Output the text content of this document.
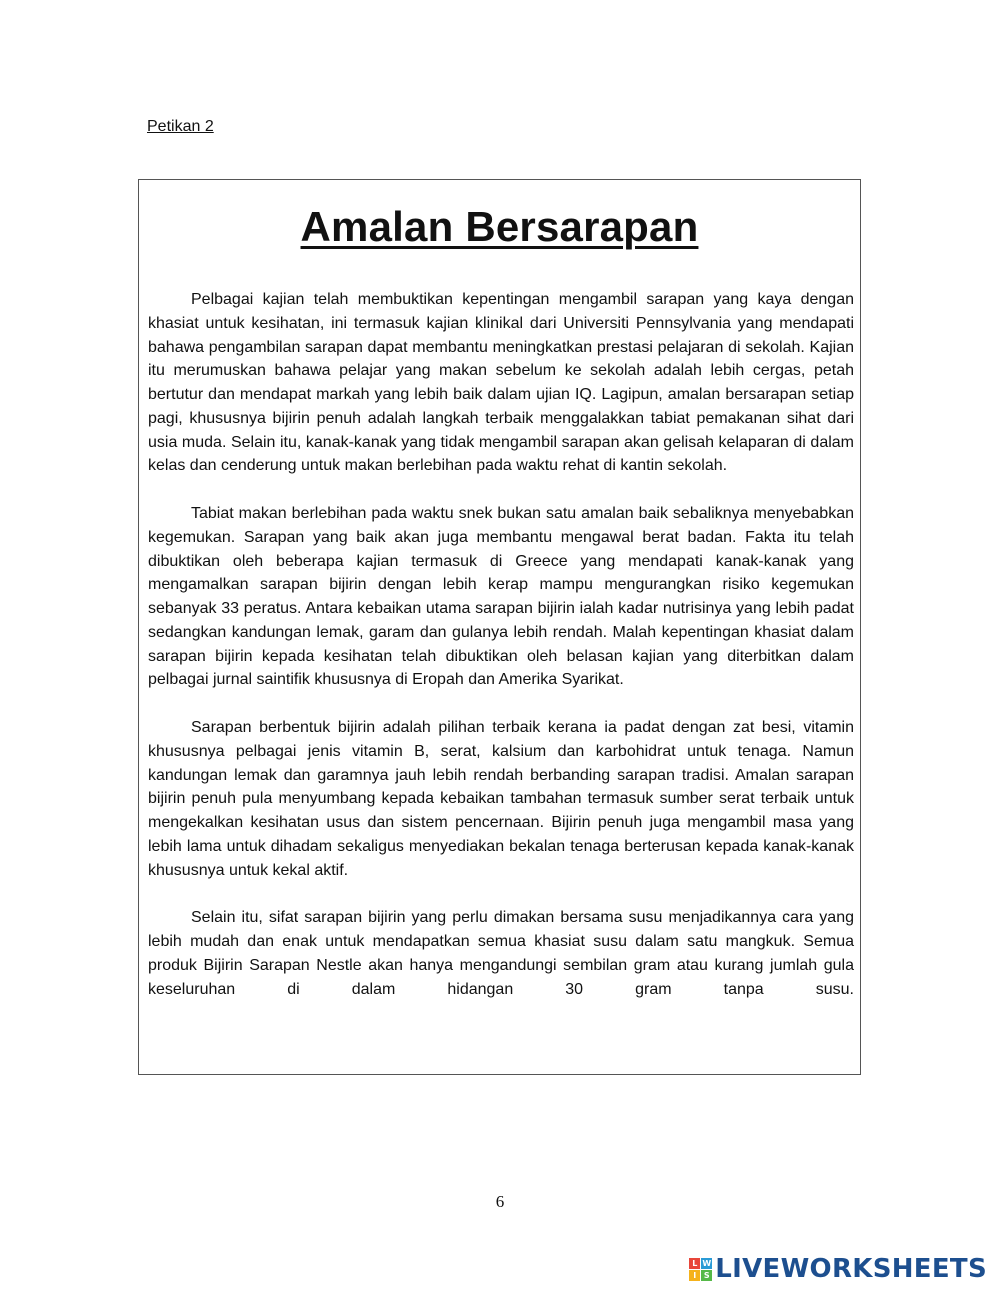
Petikan 2

Amalan Bersarapan

Pelbagai kajian telah membuktikan kepentingan mengambil sarapan yang kaya dengan khasiat untuk kesihatan, ini termasuk kajian klinikal dari Universiti Pennsylvania yang mendapati bahawa pengambilan sarapan dapat membantu meningkatkan prestasi pelajaran di sekolah. Kajian itu merumuskan bahawa pelajar yang makan sebelum ke sekolah adalah lebih cergas, petah bertutur dan mendapat markah yang lebih baik dalam ujian IQ. Lagipun, amalan bersarapan setiap pagi, khususnya bijirin penuh adalah langkah terbaik menggalakkan tabiat pemakanan sihat dari usia muda. Selain itu, kanak-kanak yang tidak mengambil sarapan akan gelisah kelaparan di dalam kelas dan cenderung untuk makan berlebihan pada waktu rehat di kantin sekolah.

Tabiat makan berlebihan pada waktu snek bukan satu amalan baik sebaliknya menyebabkan kegemukan. Sarapan yang baik akan juga membantu mengawal berat badan. Fakta itu telah dibuktikan oleh beberapa kajian termasuk di Greece yang mendapati kanak-kanak yang mengamalkan sarapan bijirin dengan lebih kerap mampu mengurangkan risiko kegemukan sebanyak 33 peratus. Antara kebaikan utama sarapan bijirin ialah kadar nutrisinya yang lebih padat sedangkan kandungan lemak, garam dan gulanya lebih rendah. Malah kepentingan khasiat dalam sarapan bijirin kepada kesihatan telah dibuktikan oleh belasan kajian yang diterbitkan dalam pelbagai jurnal saintifik khususnya di Eropah dan Amerika Syarikat.

Sarapan berbentuk bijirin adalah pilihan terbaik kerana ia padat dengan zat besi, vitamin khususnya pelbagai jenis vitamin B, serat, kalsium dan karbohidrat untuk tenaga. Namun kandungan lemak dan garamnya jauh lebih rendah berbanding sarapan tradisi. Amalan sarapan bijirin penuh pula menyumbang kepada kebaikan tambahan termasuk sumber serat terbaik untuk mengekalkan kesihatan usus dan sistem pencernaan. Bijirin penuh juga mengambil masa yang lebih lama untuk dihadam sekaligus menyediakan bekalan tenaga berterusan kepada kanak-kanak khususnya untuk kekal aktif.

Selain itu, sifat sarapan bijirin yang perlu dimakan bersama susu menjadikannya cara yang lebih mudah dan enak untuk mendapatkan semua khasiat susu dalam satu mangkuk. Semua produk Bijirin Sarapan Nestle akan hanya mengandungi sembilan gram atau kurang jumlah gula keseluruhan di dalam hidangan 30 gram tanpa susu.

6

L W
I S LIVEWORKSHEETS
